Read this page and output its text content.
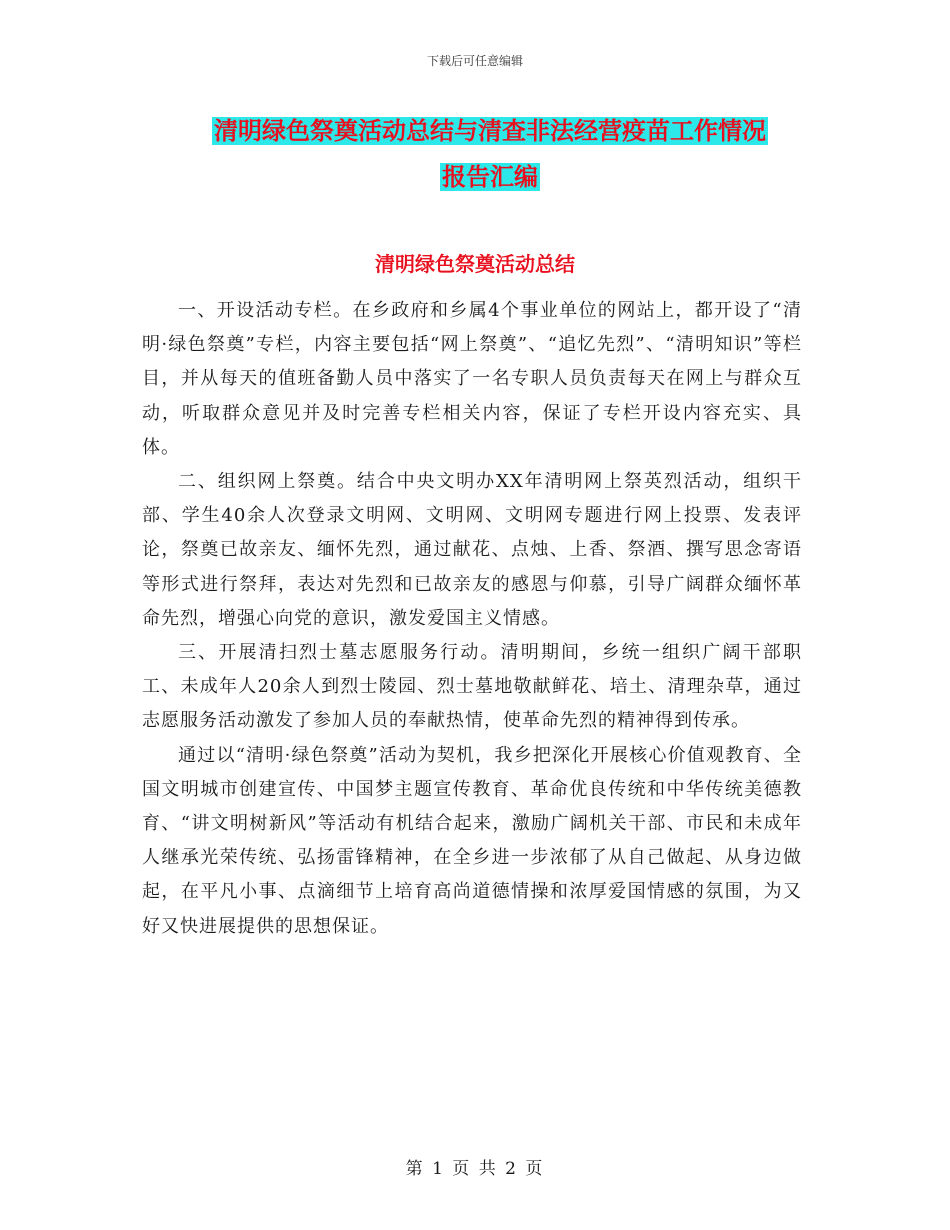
下载后可任意编辑
清明绿色祭奠活动总结与清查非法经营疫苗工作情况
报告汇编
清明绿色祭奠活动总结

一、开设活动专栏。在乡政府和乡属4个事业单位的网站上，都开设了“清明·绿色祭奠”专栏，内容主要包括“网上祭奠”、“追忆先烈”、“清明知识”等栏目，并从每天的值班备勤人员中落实了一名专职人员负责每天在网上与群众互动，听取群众意见并及时完善专栏相关内容，保证了专栏开设内容充实、具体。

二、组织网上祭奠。结合中央文明办XX年清明网上祭英烈活动，组织干部、学生40余人次登录文明网、文明网、文明网专题进行网上投票、发表评论，祭奠已故亲友、缅怀先烈，通过献花、点烛、上香、祭酒、撰写思念寄语等形式进行祭拜，表达对先烈和已故亲友的感恩与仰慕，引导广阔群众缅怀革命先烈，增强心向党的意识，激发爱国主义情感。

三、开展清扫烈士墓志愿服务行动。清明期间，乡统一组织广阔干部职工、未成年人20余人到烈士陵园、烈士墓地敬献鲜花、培土、清理杂草，通过志愿服务活动激发了参加人员的奉献热情，使革命先烈的精神得到传承。

通过以“清明·绿色祭奠”活动为契机，我乡把深化开展核心价值观教育、全国文明城市创建宣传、中国梦主题宣传教育、革命优良传统和中华传统美德教育、“讲文明树新风”等活动有机结合起来，激励广阔机关干部、市民和未成年人继承光荣传统、弘扬雷锋精神，在全乡进一步浓郁了从自己做起、从身边做起，在平凡小事、点滴细节上培育高尚道德情操和浓厚爱国情感的氛围，为又好又快进展提供的思想保证。

第 1 页 共 2 页
